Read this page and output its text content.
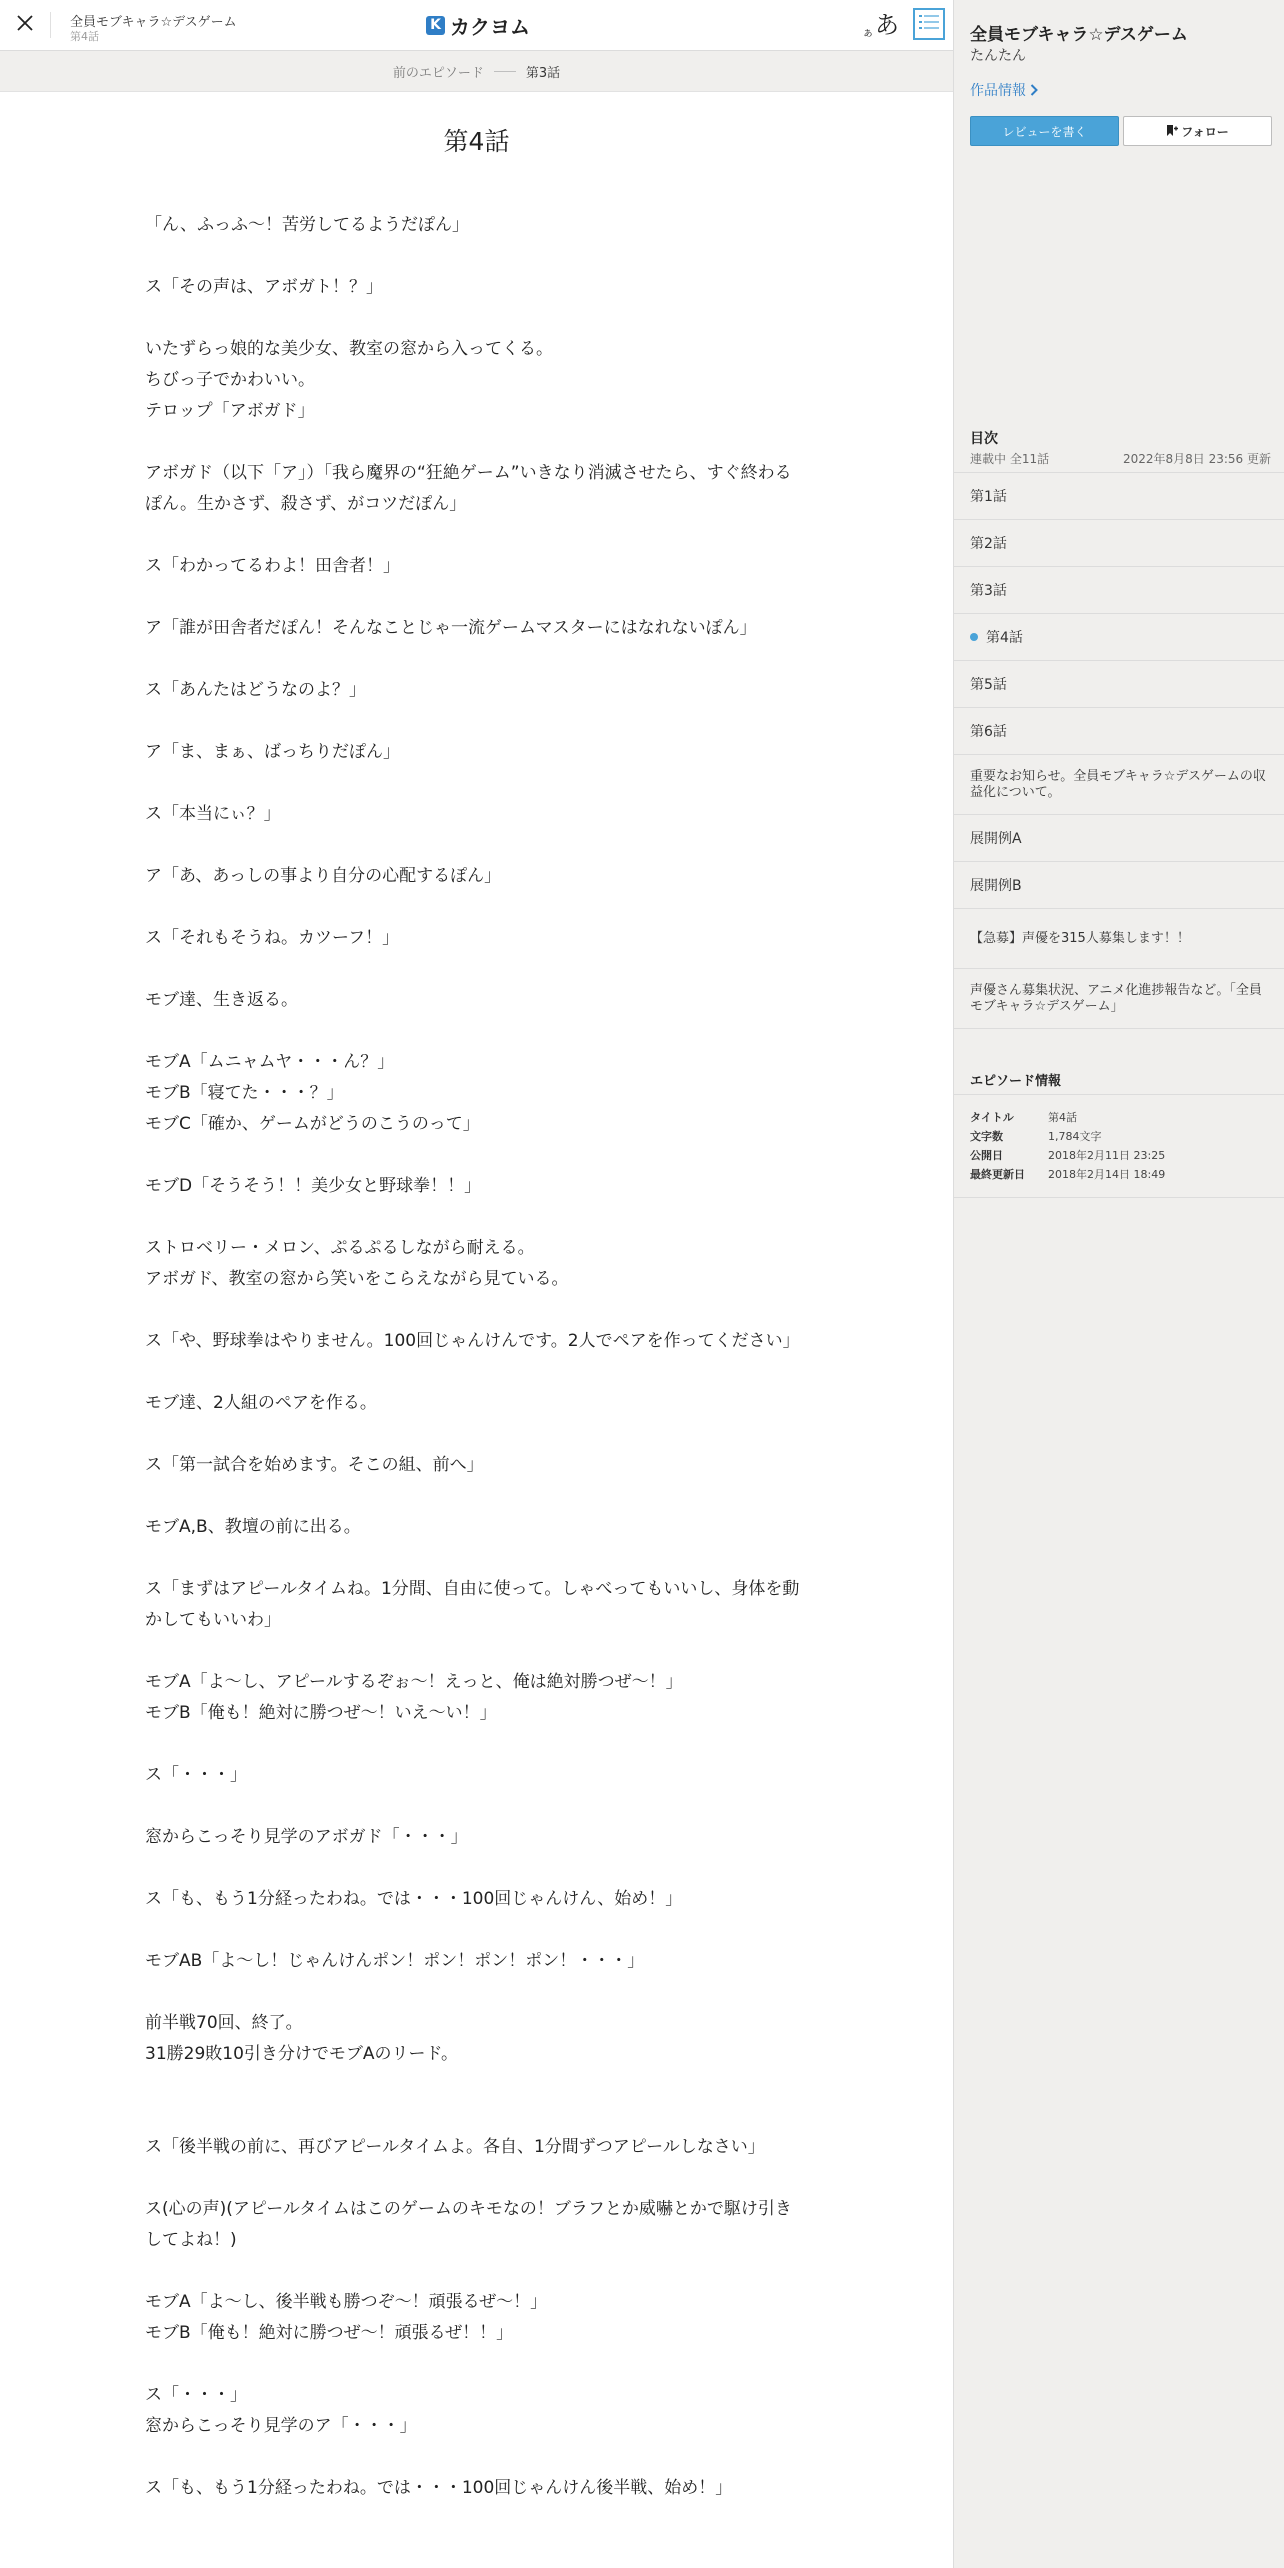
全員モブキャラ☆デスゲーム
第4話
K カクヨム	ぁ あ
前のエピソード	第3話
第4話

「ん、ふっふ～！苦労してるようだぽん」

ス「その声は、アボガト！？」

いたずらっ娘的な美少女、教室の窓から入ってくる。

ちびっ子でかわいい。

テロップ「アボガド」

アボガド（以下「ア」）「我ら魔界の“狂絶ゲーム”いきなり消滅させたら、すぐ終わるぽん。生かさず、殺さず、がコツだぽん」

ス「わかってるわよ！田舎者！」

ア「誰が田舎者だぽん！そんなことじゃ一流ゲームマスターにはなれないぽん」

ス「あんたはどうなのよ？」

ア「ま、まぁ、ばっちりだぽん」

ス「本当にぃ？」

ア「あ、あっしの事より自分の心配するぽん」

ス「それもそうね。カツーフ！」

モブ達、生き返る。

モブA「ムニャムヤ・・・ん？」

モブB「寝てた・・・？」

モブC「確か、ゲームがどうのこうのって」

モブD「そうそう！！美少女と野球拳！！」

ストロベリー・メロン、ぷるぷるしながら耐える。

アボガド、教室の窓から笑いをこらえながら見ている。

ス「や、野球拳はやりません。100回じゃんけんです。2人でペアを作ってください」

モブ達、2人組のペアを作る。

ス「第一試合を始めます。そこの組、前へ」

モブA,B、教壇の前に出る。

ス「まずはアピールタイムね。1分間、自由に使って。しゃべってもいいし、身体を動かしてもいいわ」

モブA「よ～し、アピールするぞぉ～！えっと、俺は絶対勝つぜ～！」

モブB「俺も！絶対に勝つぜ～！いえ～い！」

ス「・・・」

窓からこっそり見学のアボガド「・・・」

ス「も、もう1分経ったわね。では・・・100回じゃんけん、始め！」

モブAB「よ～し！じゃんけんポン！ポン！ポン！ポン！・・・」

前半戦70回、終了。

31勝29敗10引き分けでモブAのリード。

ス「後半戦の前に、再びアピールタイムよ。各自、1分間ずつアピールしなさい」

ス(心の声)(アピールタイムはこのゲームのキモなの！ブラフとか威嚇とかで駆け引きしてよね！)

モブA「よ～し、後半戦も勝つぞ～！頑張るぜ～！」

モブB「俺も！絶対に勝つぜ～！頑張るぜ！！」

ス「・・・」

窓からこっそり見学のア「・・・」

ス「も、もう1分経ったわね。では・・・100回じゃんけん後半戦、始め！」

全員モブキャラ☆デスゲーム
たんたん
作品情報
レビューを書く	フォロー
目次
連載中 全11話	2022年8月8日 23:56 更新
第1話
第2話
第3話
第4話
第5話
第6話
重要なお知らせ。全員モブキャラ☆デスゲームの収益化について。
展開例A
展開例B
【急募】声優を315人募集します！！
声優さん募集状況、アニメ化進捗報告など。「全員モブキャラ☆デスゲーム」
エピソード情報
タイトル	第4話
文字数	1,784文字
公開日	2018年2月11日 23:25
最終更新日	2018年2月14日 18:49
